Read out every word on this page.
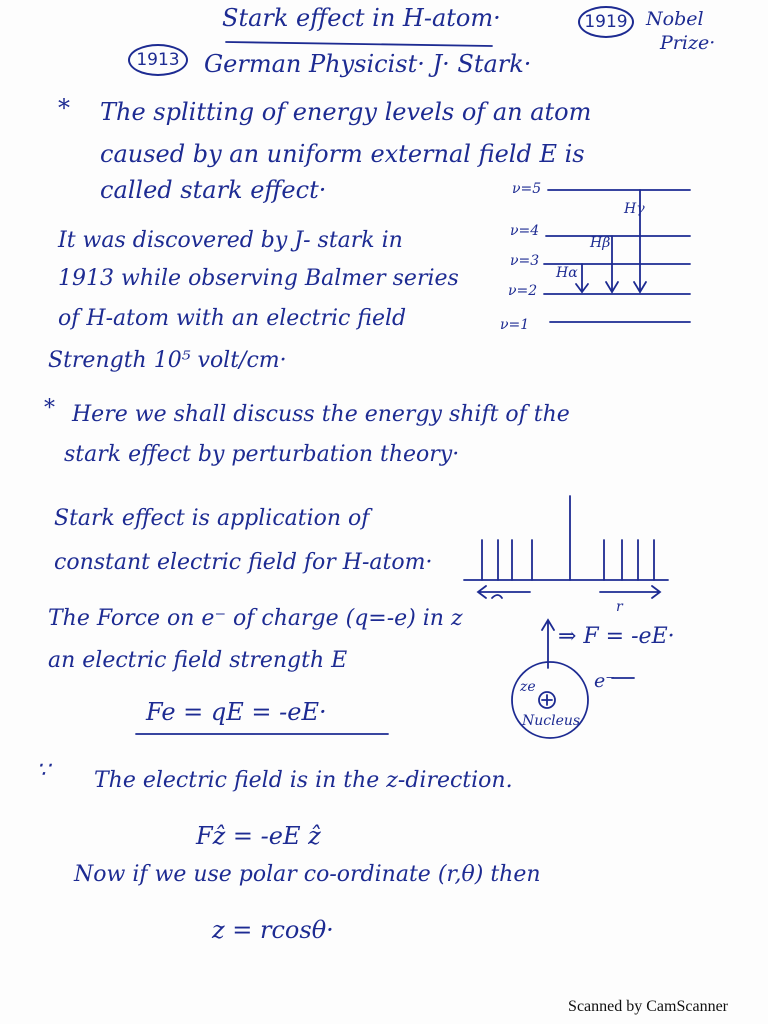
Stark effect in H-atom·	1919 Nobel
Prize·
1913 German Physicist· J· Stark·
* The splitting of energy levels of an atom
caused by an uniform external field E is
called stark effect·
It was discovered by J- stark in
1913 while observing Balmer series
of H-atom with an electric field
Strength 10⁵ volt/cm·
ν=5
ν=4
ν=3
ν=2
ν=1
Hγ
Hβ
Hα
* Here we shall discuss the energy shift of the
stark effect by perturbation theory·
Stark effect is application of
constant electric field for H-atom·
The Force on e⁻ of charge (q=-e) in z
⇒ F = -eE·
an electric field strength E
Fe = qE = -eE·
ze	e⁻
Nucleus
r
∵ The electric field is in the z-direction.
Fẑ = -eE ẑ
Now if we use polar co-ordinate (r,θ) then
z = rcosθ·
Scanned by CamScanner
